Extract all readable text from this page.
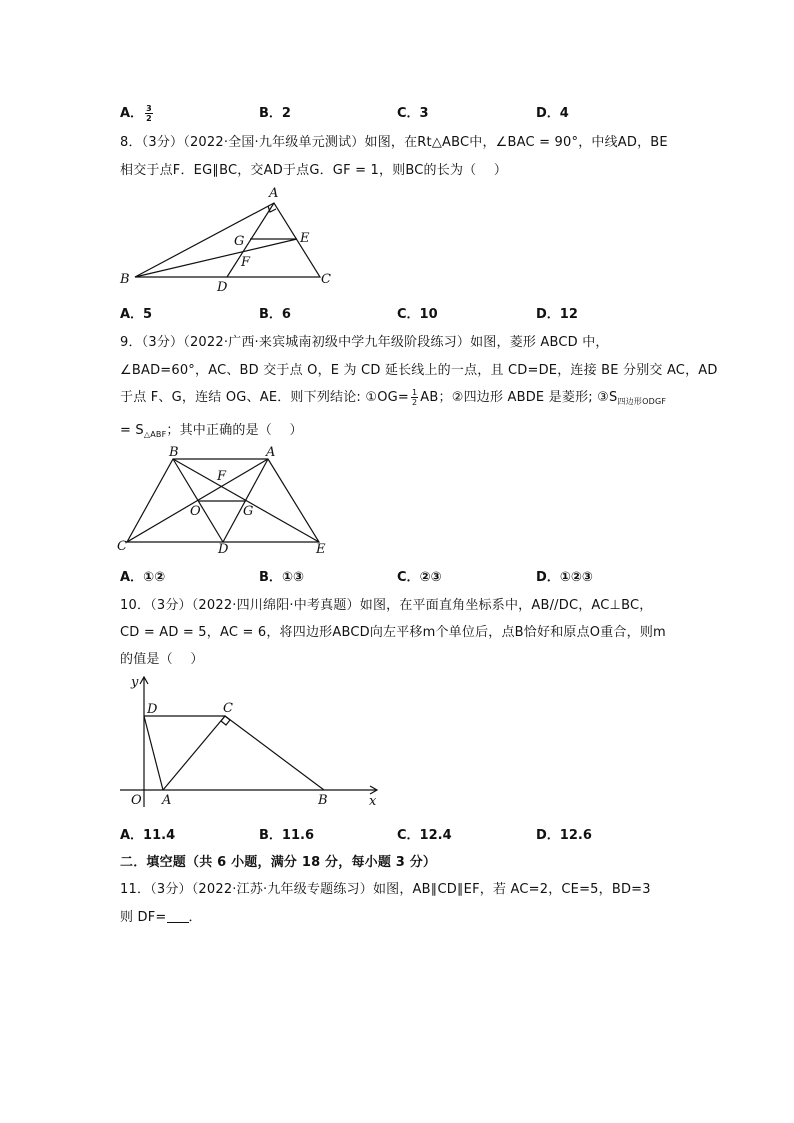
A． $\frac{3}{2}$	B．2	C．3	D．4
8．（3分）（2022·全国·九年级单元测试）如图，在Rt△ABC中，∠BAC = 90°，中线AD，BE
相交于点F．EG∥BC，交AD于点G．GF = 1，则BC的长为（　 ）
A
B	C
D
E
F
G
A．5	B．6	C．10	D．12
9．（3分）（2022·广西·来宾城南初级中学九年级阶段练习）如图，菱形 ABCD 中，
∠BAD=60°，AC、BD 交于点 O，E 为 CD 延长线上的一点，且 CD=DE，连接 BE 分别交 AC，AD
于点 F、G，连结 OG、AE．则下列结论: ①OG= $\frac{1}{2}$ AB；②四边形 ABDE 是菱形; $③S_{四边形ODGF}$
= $S_{\triangle ABF}$；其中正确的是（　 ）
B	A
C	D	E
F
G
O
A．①②	B．①③	C．②③	D．①②③
10．（3分）（2022·四川绵阳·中考真题）如图，在平面直角坐标系中，AB//DC，AC⊥BC，
CD = AD = 5，AC = 6，将四边形ABCD向左平移m个单位后，点B恰好和原点O重合，则m
的值是（　 ）
y
x
O A	B
C
D
A．11.4	B．11.6	C．12.4	D．12.6
二．填空题（共 6 小题，满分 18 分，每小题 3 分）
11．（3分）（2022·江苏·九年级专题练习）如图，AB∥CD∥EF，若 AC=2，CE=5，BD=3
则 DF= ．
